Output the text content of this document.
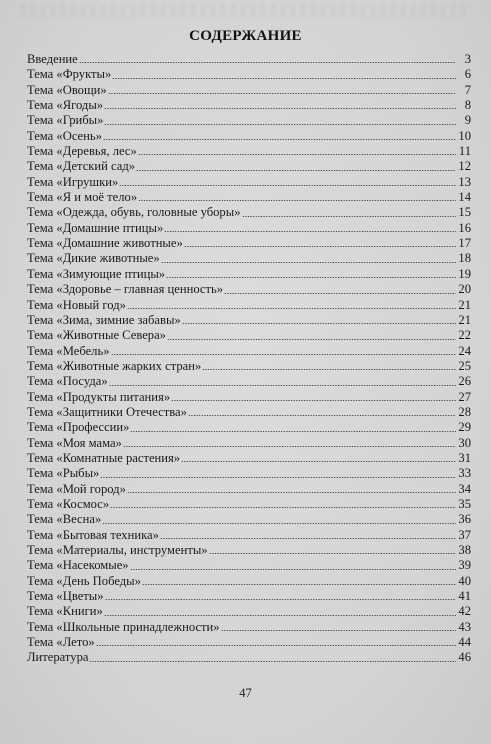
СОДЕРЖАНИЕ
Введение	3
Тема «Фрукты»	6
Тема «Овощи»	7
Тема «Ягоды»	8
Тема «Грибы»	9
Тема «Осень»	10
Тема «Деревья, лес»	11
Тема «Детский сад»	12
Тема «Игрушки»	13
Тема «Я и моё тело»	14
Тема «Одежда, обувь, головные уборы»	15
Тема «Домашние птицы»	16
Тема «Домашние животные»	17
Тема «Дикие животные»	18
Тема «Зимующие птицы»	19
Тема «Здоровье – главная ценность»	20
Тема «Новый год»	21
Тема «Зима, зимние забавы»	21
Тема «Животные Севера»	22
Тема «Мебель»	24
Тема «Животные жарких стран»	25
Тема «Посуда»	26
Тема «Продукты питания»	27
Тема «Защитники Отечества»	28
Тема «Профессии»	29
Тема «Моя мама»	30
Тема «Комнатные растения»	31
Тема «Рыбы»	33
Тема «Мой город»	34
Тема «Космос»	35
Тема «Весна»	36
Тема «Бытовая техника»	37
Тема «Материалы, инструменты»	38
Тема «Насекомые»	39
Тема «День Победы»	40
Тема «Цветы»	41
Тема «Книги»	42
Тема «Школьные принадлежности»	43
Тема «Лето»	44
Литература	46
47
